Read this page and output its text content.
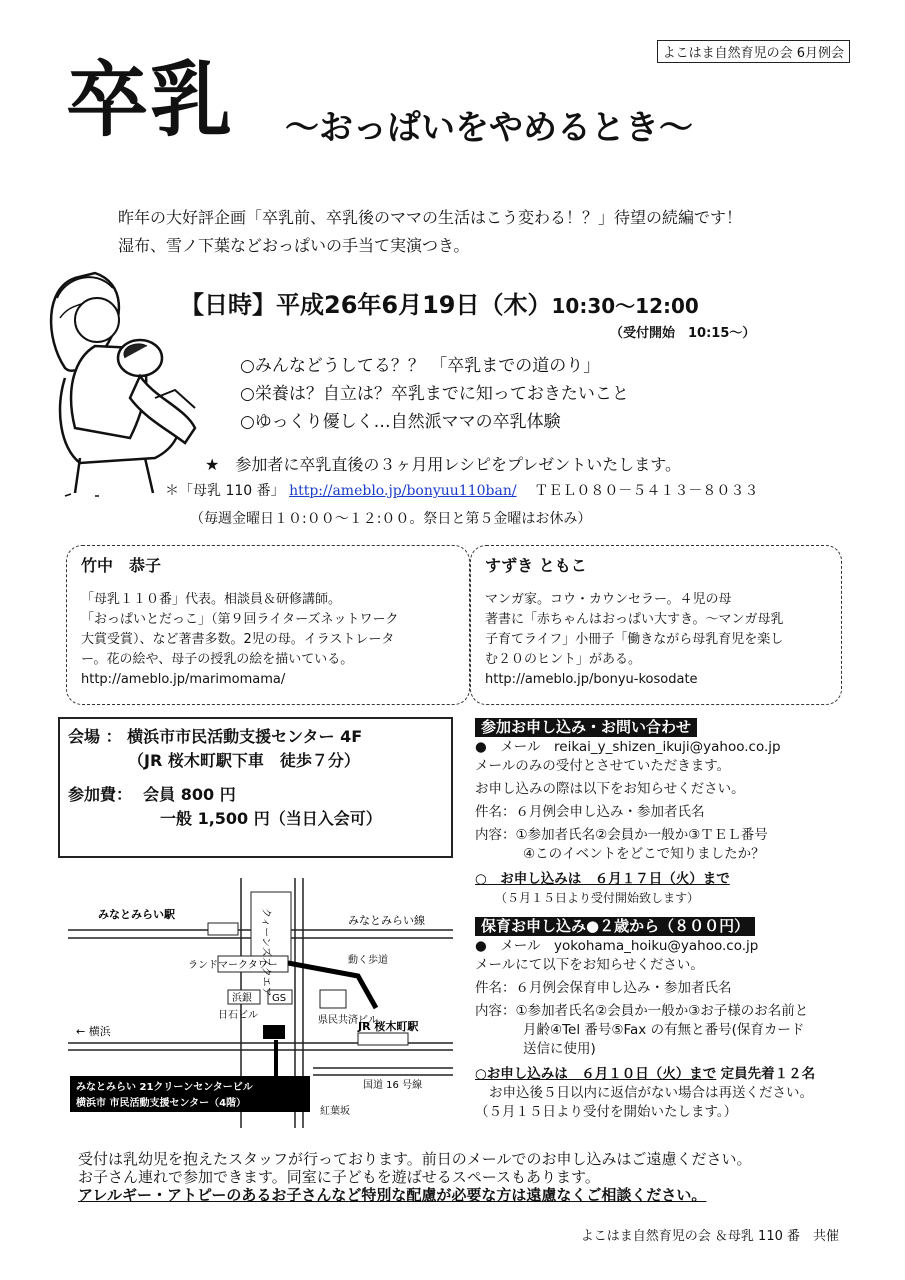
よこはま自然育児の会 6月例会
卒乳 ～おっぱいをやめるとき～
昨年の大好評企画「卒乳前、卒乳後のママの生活はこう変わる！？」待望の続編です！
湿布、雪ノ下葉などおっぱいの手当て実演つき。
【日時】平成26年6月19日（木）10:30～12:00
（受付開始　10:15～）
○みんなどうしてる？？ 「卒乳までの道のり」
○栄養は？自立は？卒乳までに知っておきたいこと
○ゆっくり優しく…自然派ママの卒乳体験
★　参加者に卒乳直後の３ヶ月用レシピをプレゼントいたします。
＊「母乳 110 番」 http://ameblo.jp/bonyuu110ban/ ＴＥＬ０８０－５４１３－８０３３
（毎週金曜日１０:００～１２:００。祭日と第５金曜はお休み）
竹中　恭子
「母乳１１０番」代表。相談員＆研修講師。
「おっぱいとだっこ」（第９回ライターズネットワーク
大賞受賞）、など著書多数。2児の母。イラストレータ
ー。花の絵や、母子の授乳の絵を描いている。
http://ameblo.jp/marimomama/
すずき ともこ
マンガ家。コウ・カウンセラー。４児の母
著書に「赤ちゃんはおっぱい大すき。～マンガ母乳
子育てライフ」小冊子「働きながら母乳育児を楽し
む２０のヒント」がある。
http://ameblo.jp/bonyu-kosodate
会場 ： 横浜市市民活動支援センター 4F
（JR 桜木町駅下車　徒歩７分）
参加費： 会員 800 円
一般 1,500 円（当日入会可）
参加お申し込み・お問い合わせ
●　メール　reikai_y_shizen_ikuji@yahoo.co.jp
メールのみの受付とさせていただきます。
お申し込みの際は以下をお知らせください。
件名：６月例会申し込み・参加者氏名
内容：①参加者氏名②会員か一般か③ＴＥＬ番号
④このイベントをどこで知りましたか？
○　お申し込みは　６月１７日（火）まで
（５月１５日より受付開始致します）
保育お申し込み●２歳から（８００円）
●　メール　yokohama_hoiku@yahoo.co.jp
メールにて以下をお知らせください。
件名：６月例会保育申し込み・参加者氏名
内容：①参加者氏名②会員か一般か③お子様のお名前と
月齢④Tel 番号⑤Fax の有無と番号(保育カード
送信に使用)
○お申し込みは　６月１０日（火）まで 定員先着１２名
お申込後５日以内に返信がない場合は再送ください。
（５月１５日より受付を開始いたします。）
みなとみらい駅	みなとみらい線
クィーンズスクエア
ランドマークタワー	動く歩道
浜銀 GS
日石ビル	県民共済ビル
JR 桜木町駅
← 横浜
国道 16 号線
紅葉坂
みなとみらい 21クリーンセンタービル
横浜市 市民活動支援センター（4階）
受付は乳幼児を抱えたスタッフが行っております。前日のメールでのお申し込みはご遠慮ください。
お子さん連れで参加できます。同室に子どもを遊ばせるスペースもあります。
アレルギー・アトピーのあるお子さんなど特別な配慮が必要な方は遠慮なくご相談ください。
よこはま自然育児の会 ＆母乳 110 番　共催
